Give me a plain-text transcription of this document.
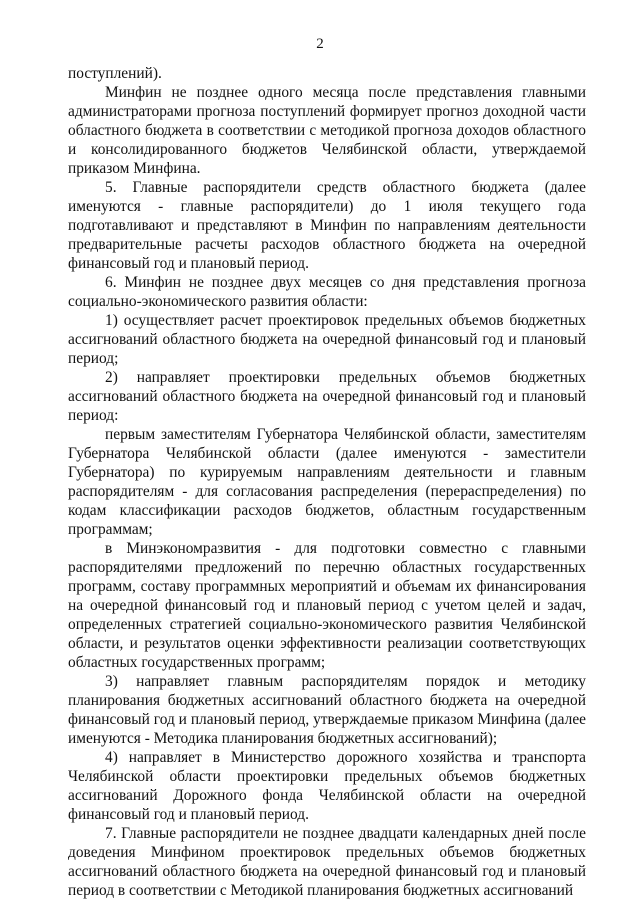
2

поступлений).

Минфин не позднее одного месяца после представления главными администраторами прогноза поступлений формирует прогноз доходной части областного бюджета в соответствии с методикой прогноза доходов областного и консолидированного бюджетов Челябинской области, утверждаемой приказом Минфина.

5. Главные распорядители средств областного бюджета (далее именуются - главные распорядители) до 1 июля текущего года подготавливают и представляют в Минфин по направлениям деятельности предварительные расчеты расходов областного бюджета на очередной финансовый год и плановый период.

6. Минфин не позднее двух месяцев со дня представления прогноза социально-экономического развития области:

1) осуществляет расчет проектировок предельных объемов бюджетных ассигнований областного бюджета на очередной финансовый год и плановый период;

2) направляет проектировки предельных объемов бюджетных ассигнований областного бюджета на очередной финансовый год и плановый период:

первым заместителям Губернатора Челябинской области, заместителям Губернатора Челябинской области (далее именуются - заместители Губернатора) по курируемым направлениям деятельности и главным распорядителям - для согласования распределения (перераспределения) по кодам классификации расходов бюджетов, областным государственным программам;

в Минэкономразвития - для подготовки совместно с главными распорядителями предложений по перечню областных государственных программ, составу программных мероприятий и объемам их финансирования на очередной финансовый год и плановый период с учетом целей и задач, определенных стратегией социально-экономического развития Челябинской области, и результатов оценки эффективности реализации соответствующих областных государственных программ;

3) направляет главным распорядителям порядок и методику планирования бюджетных ассигнований областного бюджета на очередной финансовый год и плановый период, утверждаемые приказом Минфина (далее именуются - Методика планирования бюджетных ассигнований);

4) направляет в Министерство дорожного хозяйства и транспорта Челябинской области проектировки предельных объемов бюджетных ассигнований Дорожного фонда Челябинской области на очередной финансовый год и плановый период.

7. Главные распорядители не позднее двадцати календарных дней после доведения Минфином проектировок предельных объемов бюджетных ассигнований областного бюджета на очередной финансовый год и плановый период в соответствии с Методикой планирования бюджетных ассигнований
